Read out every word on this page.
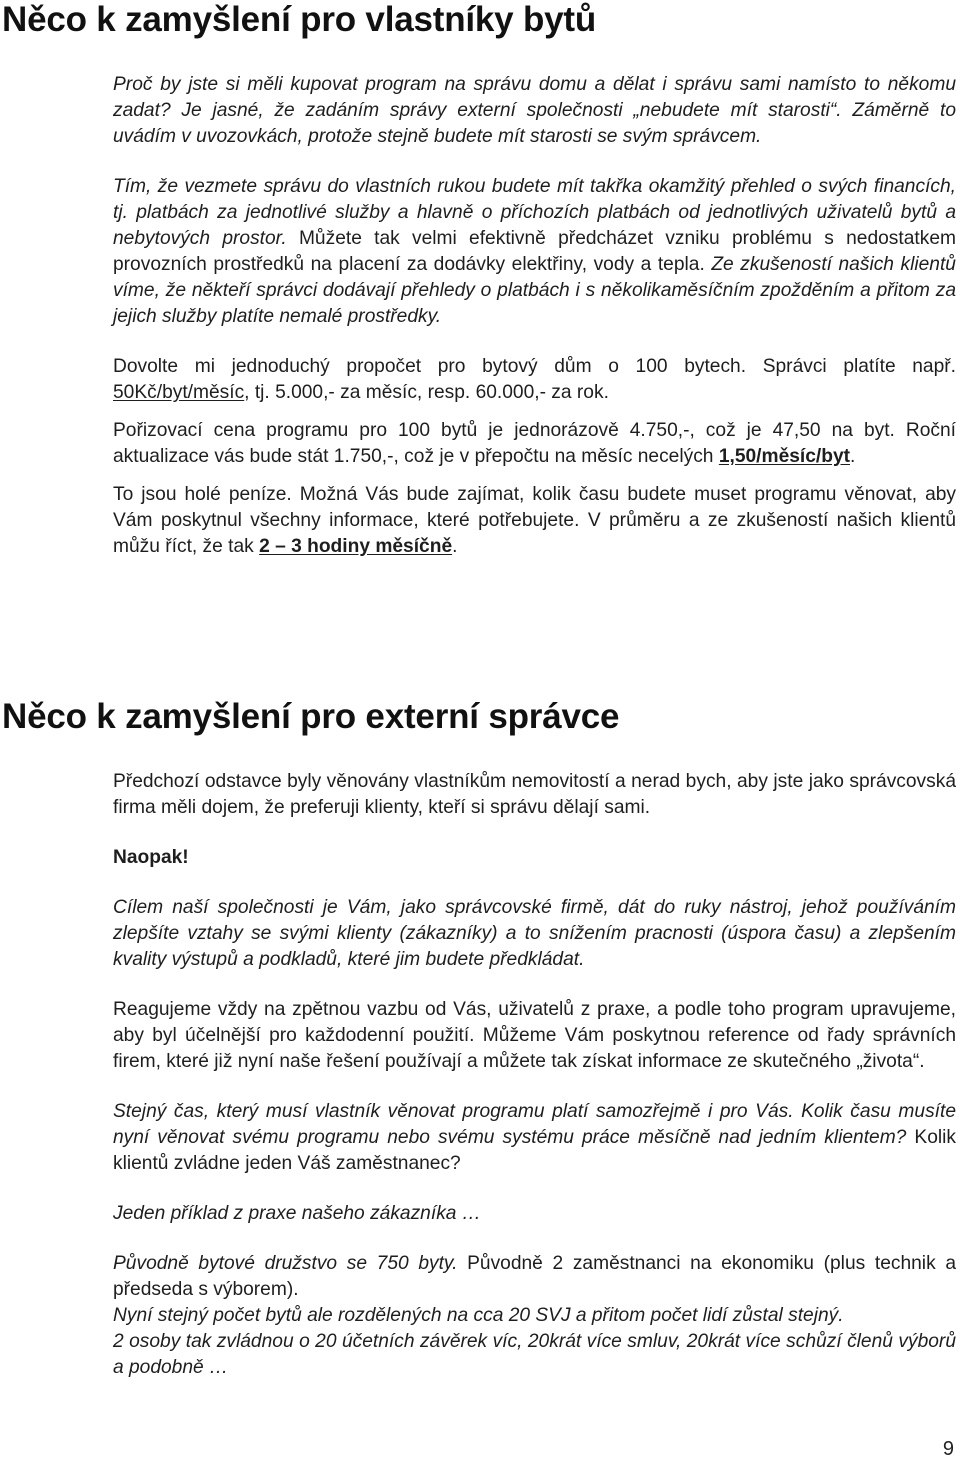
Něco k zamyšlení pro vlastníky bytů

Proč by jste si měli kupovat program na správu domu a dělat i správu sami namísto to někomu zadat? Je jasné, že zadáním správy externí společnosti „nebudete mít starosti“. Záměrně to uvádím v uvozovkách, protože stejně budete mít starosti se svým správcem.

Tím, že vezmete správu do vlastních rukou budete mít takřka okamžitý přehled o svých financích, tj. platbách za jednotlivé služby a hlavně o příchozích platbách od jednotlivých uživatelů bytů a nebytových prostor. Můžete tak velmi efektivně předcházet vzniku problému s nedostatkem provozních prostředků na placení za dodávky elektřiny, vody a tepla. Ze zkušeností našich klientů víme, že někteří správci dodávají přehledy o platbách i s několikaměsíčním zpožděním a přitom za jejich služby platíte nemalé prostředky.

Dovolte mi jednoduchý propočet pro bytový dům o 100 bytech. Správci platíte např. 50Kč/byt/měsíc, tj. 5.000,- za měsíc, resp. 60.000,- za rok.

Pořizovací cena programu pro 100 bytů je jednorázově 4.750,-, což je 47,50 na byt. Roční aktualizace vás bude stát 1.750,-, což je v přepočtu na měsíc necelých 1,50/měsíc/byt.

To jsou holé peníze. Možná Vás bude zajímat, kolik času budete muset programu věnovat, aby Vám poskytnul všechny informace, které potřebujete. V průměru a ze zkušeností našich klientů můžu říct, že tak 2 – 3 hodiny měsíčně.

Něco k zamyšlení pro externí správce

Předchozí odstavce byly věnovány vlastníkům nemovitostí a nerad bych, aby jste jako správcovská firma měli dojem, že preferuji klienty, kteří si správu dělají sami.

Naopak!

Cílem naší společnosti je Vám, jako správcovské firmě, dát do ruky nástroj, jehož používáním zlepšíte vztahy se svými klienty (zákazníky) a to snížením pracnosti (úspora času) a zlepšením kvality výstupů a podkladů, které jim budete předkládat.

Reagujeme vždy na zpětnou vazbu od Vás, uživatelů z praxe, a podle toho program upravujeme, aby byl účelnější pro každodenní použití. Můžeme Vám poskytnou reference od řady správních firem, které již nyní naše řešení používají a můžete tak získat informace ze skutečného „života“.

Stejný čas, který musí vlastník věnovat programu platí samozřejmě i pro Vás. Kolik času musíte nyní věnovat svému programu nebo svému systému práce měsíčně nad jedním klientem? Kolik klientů zvládne jeden Váš zaměstnanec?

Jeden příklad z praxe našeho zákazníka …

Původně bytové družstvo se 750 byty. Původně 2 zaměstnanci na ekonomiku (plus technik a předseda s výborem).
Nyní stejný počet bytů ale rozdělených na cca 20 SVJ a přitom počet lidí zůstal stejný.
2 osoby tak zvládnou o 20 účetních závěrek víc, 20krát více smluv, 20krát více schůzí členů výborů a podobně …

9
